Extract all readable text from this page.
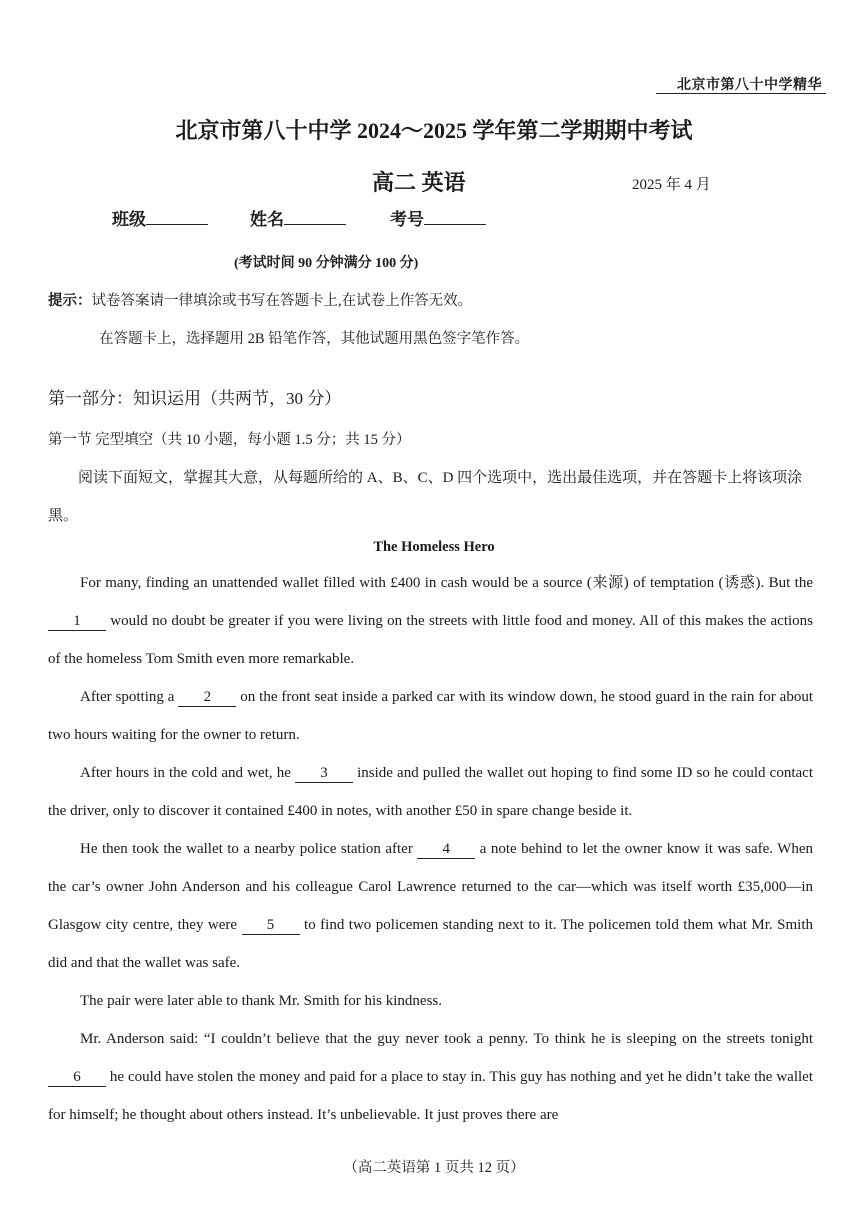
北京市第八十中学精华
北京市第八十中学 2024～2025 学年第二学期期中考试
高二 英语	2025 年 4 月
班级	姓名	考号
(考试时间 90 分钟满分 100 分)
提示：试卷答案请一律填涂或书写在答题卡上,在试卷上作答无效。
在答题卡上，选择题用 2B 铅笔作答，其他试题用黑色签字笔作答。
第一部分：知识运用（共两节，30 分）
第一节 完型填空（共 10 小题，每小题 1.5 分；共 15 分）
阅读下面短文，掌握其大意，从每题所给的 A、B、C、D 四个选项中，选出最佳选项，并在答题卡上将该项涂黑。
The Homeless Hero
For many, finding an unattended wallet filled with £400 in cash would be a source (来源) of temptation (诱惑). But the 1 would no doubt be greater if you were living on the streets with little food and money. All of this makes the actions of the homeless Tom Smith even more remarkable.
After spotting a 2 on the front seat inside a parked car with its window down, he stood guard in the rain for about two hours waiting for the owner to return.
After hours in the cold and wet, he 3 inside and pulled the wallet out hoping to find some ID so he could contact the driver, only to discover it contained £400 in notes, with another £50 in spare change beside it.
He then took the wallet to a nearby police station after 4 a note behind to let the owner know it was safe. When the car’s owner John Anderson and his colleague Carol Lawrence returned to the car—which was itself worth £35,000—in Glasgow city centre, they were 5 to find two policemen standing next to it. The policemen told them what Mr. Smith did and that the wallet was safe.
The pair were later able to thank Mr. Smith for his kindness.
Mr. Anderson said: “I couldn’t believe that the guy never took a penny. To think he is sleeping on the streets tonight 6 he could have stolen the money and paid for a place to stay in. This guy has nothing and yet he didn’t take the wallet for himself; he thought about others instead. It’s unbelievable. It just proves there are
（高二英语第 1 页共 12 页）
